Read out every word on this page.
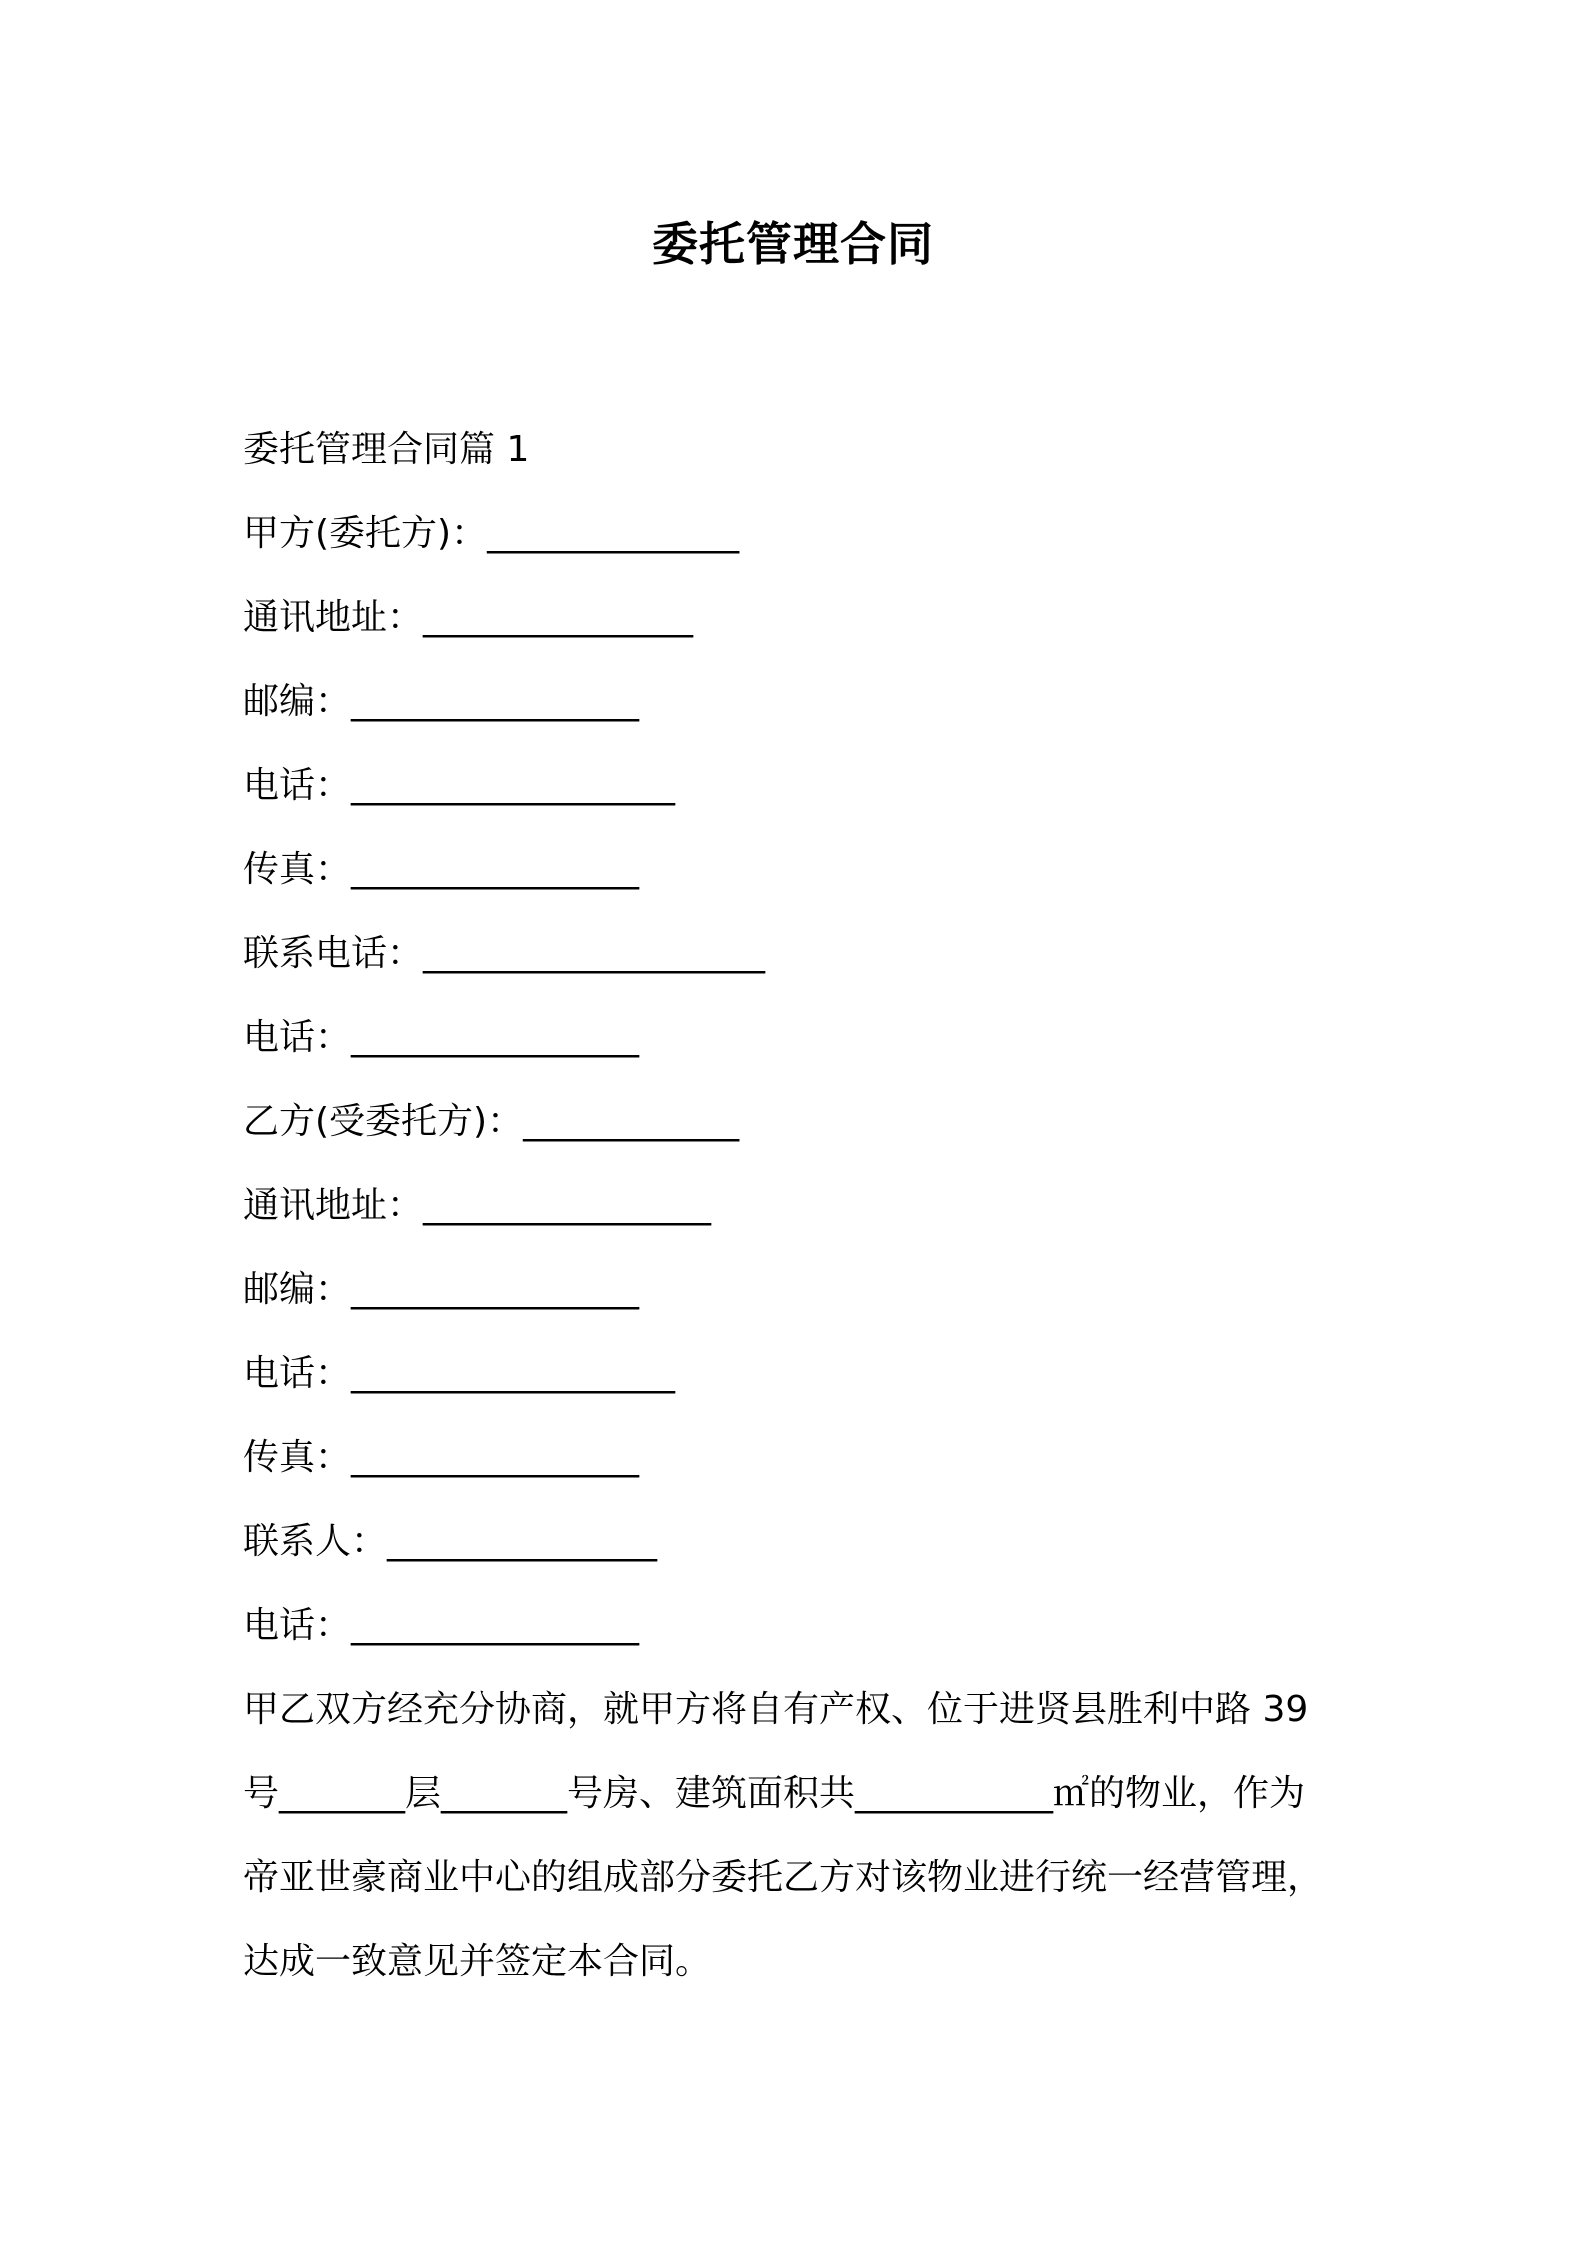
委托管理合同
委托管理合同篇 1
甲方(委托方)：______________
通讯地址：_______________
邮编：________________
电话：__________________
传真：________________
联系电话：___________________
电话：________________
乙方(受委托方)：____________
通讯地址：________________
邮编：________________
电话：__________________
传真：________________
联系人：_______________
电话：________________

甲乙双方经充分协商，就甲方将自有产权、位于进贤县胜利中路 39
号_______层_______号房、建筑面积共___________㎡的物业，作为
帝亚世豪商业中心的组成部分委托乙方对该物业进行统一经营管理，
达成一致意见并签定本合同。
